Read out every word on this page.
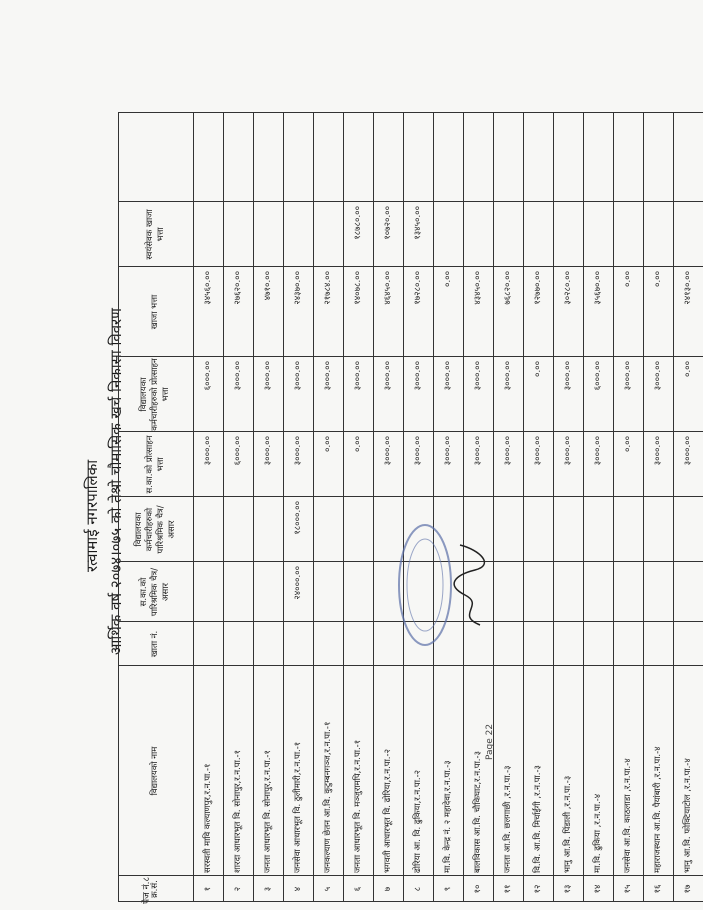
रत्वामाई नगरपालिका आर्थिक वर्ष २०७४।०७५ को तेश्रो चौमासिक खर्च निकासा विवरण
पेज नं.८
क्र.सं.
विद्यालयको नाम
खाता नं.
स.का.को पारिश्रमिक चैत्र/असार
विद्यालयका कर्मचारीहरुको पारिश्रमिक चैत्र/असार
स.का.को प्रोत्साहन भत्ता
विद्यालयका कर्मचारीहरुको प्रोत्साहन भत्ता
खाजा भत्ता
स्वयंसेवक खाजा भत्ता
१
सरस्वती मावि कल्याणपुर,र.न.पा.-१
३०००.००
६०००.००
३४५६०.००
२
शारदा आधारभूत वि. सोनापुर,र.न.पा.-१
६०००.००
३०००.००
२७६२०.००
३
जनता आधारभूत वि. सोनापुर,र.न.पा.-१
३०००.००
३०००.००
४७१०.००
४
जनसेवा आधारभूत वि. ठुलीमारी,र.न.पा.-१
२४०००.००
१८०००.००
३०००.००
३०००.००
२४३७०.००
५
जनकल्याण छेतन आ.वि. कुटुम्बनगञ्ज,र.न.पा.-१
०.००
३०००.००
२१७८४.००
६
जनता आधारभूत वि. मञ्जुरामपि,र.न.पा.-१
०.००
३०००.००
१४०७८.००
१८७८०.००
७
भगवती आधारभूत वि. ढोरिया,र.न.पा.-२
३०००.००
३०००.००
४६४५०.००
१०७२०.००
८
ढोरिया आ. वि. ढुकिया,र.न.पा.-२
३०००.००
३०००.००
१७२८०.००
१३४५०.००
९
मा.वि. केन्द्र नं. २ महादेवा,र.न.पा.-३
३०००.००
३०००.००
०.००
१०
बालविकास आ.वि. चौकिघाट,र.न.पा.-३
३०००.००
३०००.००
४३४५०.००
११
जनता आ.वि. छलगाछी ,र.न.पा.-३
३०००.००
३०००.००
७६८२०.००
१२
वि.वि. आ.वि. मिर्चाईंगी ,र.न.पा.-३
३०००.००
०.००
१२७७०.००
१३
भानु आ.वि. पिंडाली ,र.न.पा.-३
३०००.००
३०००.००
३०२८०.००
१४
मा.वि. ढुकिया ,र.न.पा.-४
३०००.००
६०००.००
३५६७०.००
१५
जनसेवा आ.वि. काठलाडा ,र.न.पा.-४
०.००
३०००.००
०.००
१६
महाराजस्थान आ.वि. पैयांबारी ,र.न.पा.-४
३०००.००
३०००.००
०.००
१७
भानु आ.वि. फोक्टियाटोल ,र.न.पा.-४
३०००.००
०.००
२४१३०.००
Page 22
